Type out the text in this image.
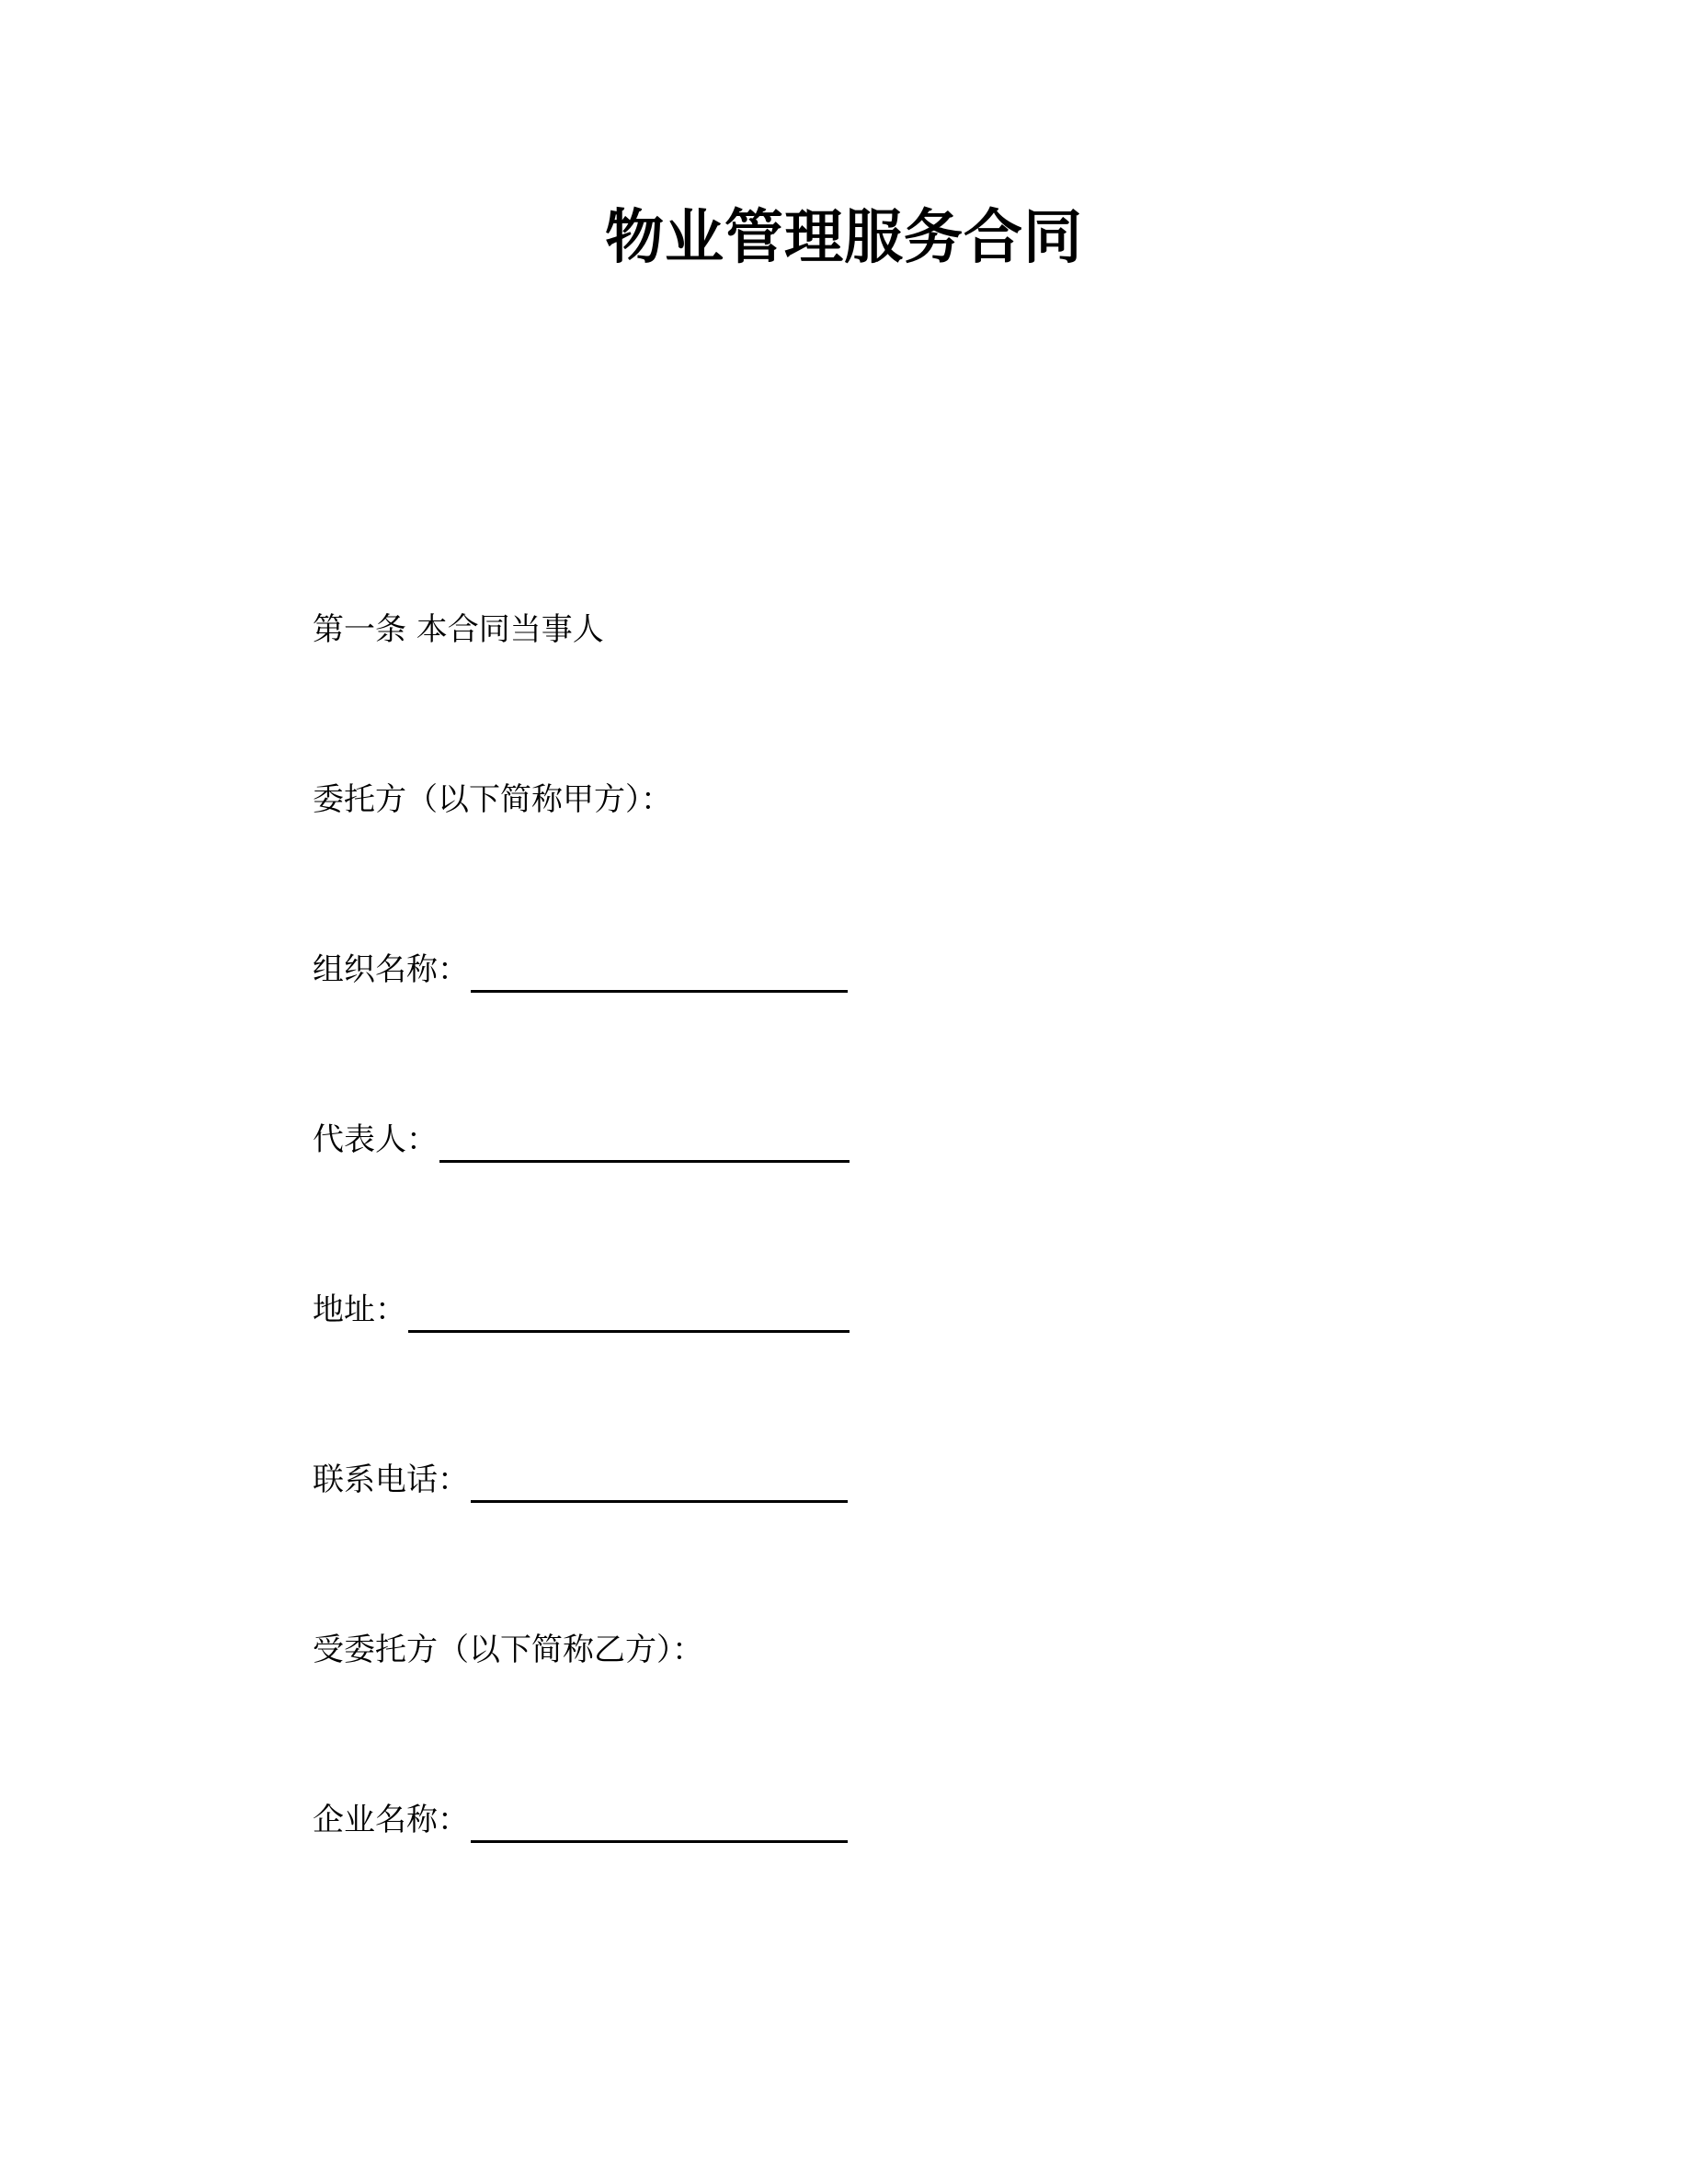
物业管理服务合同
第一条 本合同当事人
委托方（以下简称甲方）：
组织名称：
代表人：
地址：
联系电话：
受委托方（以下简称乙方）：
企业名称：
